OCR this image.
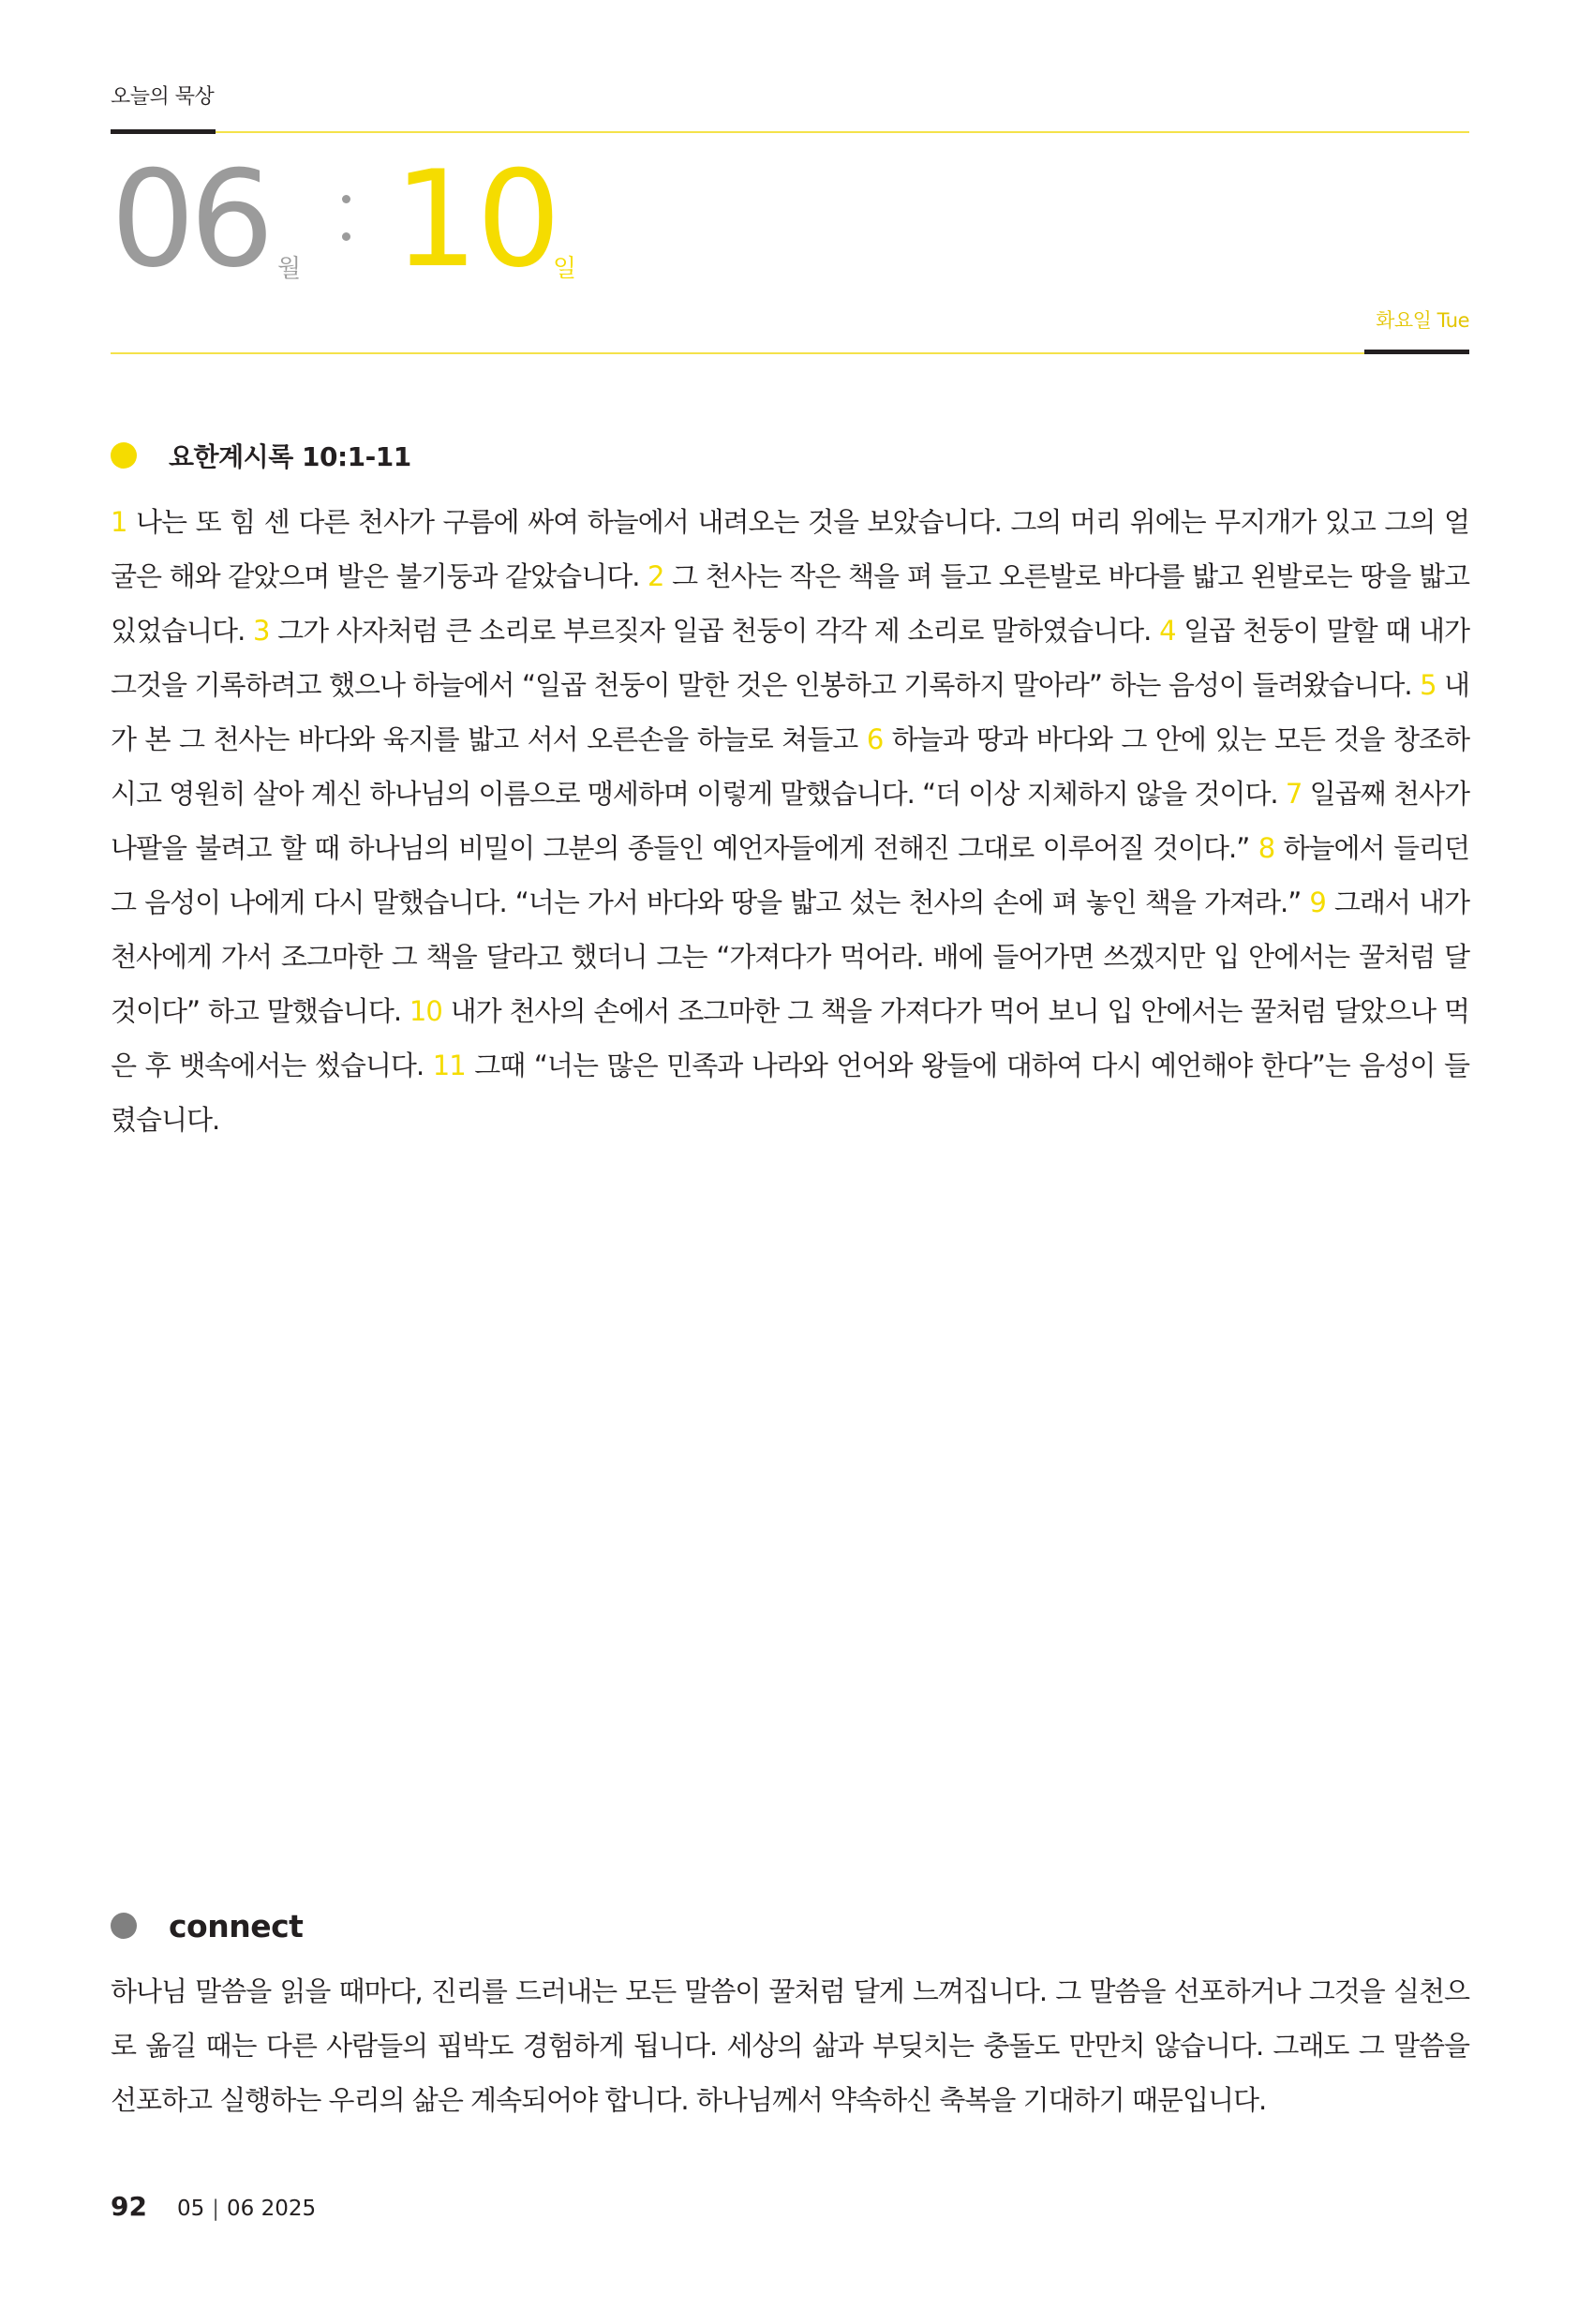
오늘의 묵상
06 월 10
일
화요일 Tue
요한계시록 10:1-11

1 나는 또 힘 센 다른 천사가 구름에 싸여 하늘에서 내려오는 것을 보았습니다. 그의 머리 위에는 무지개가 있고 그의 얼굴은 해와 같았으며 발은 불기둥과 같았습니다. 2 그 천사는 작은 책을 펴 들고 오른발로 바다를 밟고 왼발로는 땅을 밟고 있었습니다. 3 그가 사자처럼 큰 소리로 부르짖자 일곱 천둥이 각각 제 소리로 말하였습니다. 4 일곱 천둥이 말할 때 내가 그것을 기록하려고 했으나 하늘에서 “일곱 천둥이 말한 것은 인봉하고 기록하지 말아라” 하는 음성이 들려왔습니다. 5 내가 본 그 천사는 바다와 육지를 밟고 서서 오른손을 하늘로 쳐들고 6 하늘과 땅과 바다와 그 안에 있는 모든 것을 창조하시고 영원히 살아 계신 하나님의 이름으로 맹세하며 이렇게 말했습니다. “더 이상 지체하지 않을 것이다. 7 일곱째 천사가 나팔을 불려고 할 때 하나님의 비밀이 그분의 종들인 예언자들에게 전해진 그대로 이루어질 것이다.” 8 하늘에서 들리던 그 음성이 나에게 다시 말했습니다. “너는 가서 바다와 땅을 밟고 섰는 천사의 손에 펴 놓인 책을 가져라.” 9 그래서 내가 천사에게 가서 조그마한 그 책을 달라고 했더니 그는 “가져다가 먹어라. 배에 들어가면 쓰겠지만 입 안에서는 꿀처럼 달 것이다” 하고 말했습니다. 10 내가 천사의 손에서 조그마한 그 책을 가져다가 먹어 보니 입 안에서는 꿀처럼 달았으나 먹은 후 뱃속에서는 썼습니다. 11 그때 “너는 많은 민족과 나라와 언어와 왕들에 대하여 다시 예언해야 한다”는 음성이 들렸습니다.

connect

하나님 말씀을 읽을 때마다, 진리를 드러내는 모든 말씀이 꿀처럼 달게 느껴집니다. 그 말씀을 선포하거나 그것을 실천으로 옮길 때는 다른 사람들의 핍박도 경험하게 됩니다. 세상의 삶과 부딪치는 충돌도 만만치 않습니다. 그래도 그 말씀을 선포하고 실행하는 우리의 삶은 계속되어야 합니다. 하나님께서 약속하신 축복을 기대하기 때문입니다.

92 05 | 06 2025
